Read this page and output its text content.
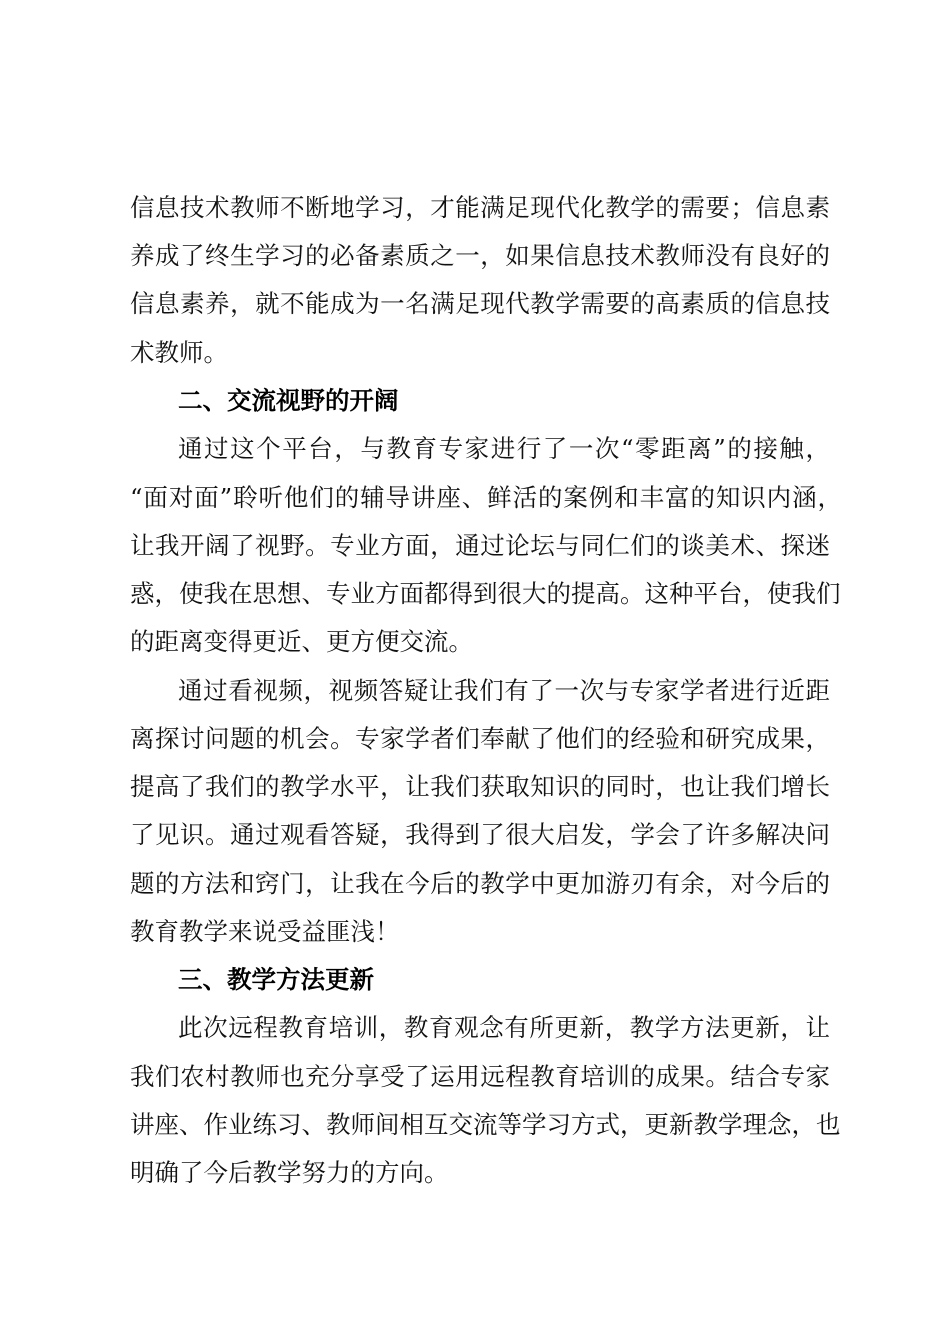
信息技术教师不断地学习，才能满足现代化教学的需要；信息素
养成了终生学习的必备素质之一，如果信息技术教师没有良好的
信息素养，就不能成为一名满足现代教学需要的高素质的信息技
术教师。
二、交流视野的开阔
通过这个平台，与教育专家进行了一次“零距离”的接触，
“面对面”聆听他们的辅导讲座、鲜活的案例和丰富的知识内涵，
让我开阔了视野。专业方面，通过论坛与同仁们的谈美术、探迷
惑，使我在思想、专业方面都得到很大的提高。这种平台，使我们
的距离变得更近、更方便交流。
通过看视频，视频答疑让我们有了一次与专家学者进行近距
离探讨问题的机会。专家学者们奉献了他们的经验和研究成果，
提高了我们的教学水平，让我们获取知识的同时，也让我们增长
了见识。通过观看答疑，我得到了很大启发，学会了许多解决问
题的方法和窍门，让我在今后的教学中更加游刃有余，对今后的
教育教学来说受益匪浅！
三、教学方法更新
此次远程教育培训，教育观念有所更新，教学方法更新，让
我们农村教师也充分享受了运用远程教育培训的成果。结合专家
讲座、作业练习、教师间相互交流等学习方式，更新教学理念，也
明确了今后教学努力的方向。
